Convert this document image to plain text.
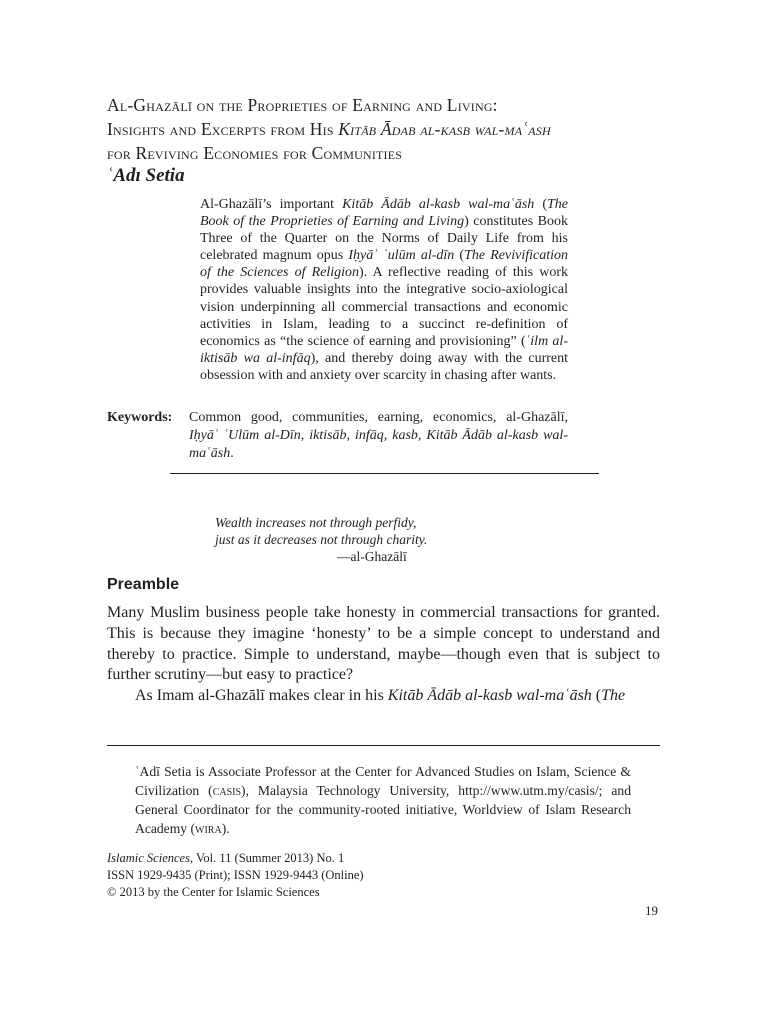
Al-Ghazālī on the Proprieties of Earning and Living:
Insights and Excerpts from His Kitāb Ādab al-kasb wal-maʿash
for Reviving Economies for Communities

ʿAdı Setia

Al-Ghazālī’s important Kitāb Ādāb al-kasb wal-maʿāsh (The Book of the Proprieties of Earning and Living) constitutes Book Three of the Quarter on the Norms of Daily Life from his celebrated magnum opus Iḥyāʾ ʿulūm al-dīn (The Revivification of the Sciences of Religion). A reflective reading of this work provides valuable insights into the integrative socio-axiological vision underpinning all commercial transactions and economic activities in Islam, leading to a succinct re-definition of economics as “the science of earning and provisioning” (ʿilm al-iktisāb wa al-infāq), and thereby doing away with the current obsession with and anxiety over scarcity in chasing after wants.

Keywords:	Common good, communities, earning, economics, al-Ghazālī, Iḥyāʾ ʿUlūm al-Dīn, iktisāb, infāq, kasb, Kitāb Ādāb al-kasb wal-maʿāsh.

Wealth increases not through perfidy,
just as it decreases not through charity.
—al-Ghazālī

Preamble

Many Muslim business people take honesty in commercial transactions for granted. This is because they imagine ‘honesty’ to be a simple concept to understand and thereby to practice. Simple to understand, maybe—though even that is subject to further scrutiny—but easy to practice?

As Imam al-Ghazālī makes clear in his Kitāb Ādāb al-kasb wal-maʿāsh (The

ʿAdī Setia is Associate Professor at the Center for Advanced Studies on Islam, Science & Civilization (casis), Malaysia Technology University, http://www.utm.my/casis/; and General Coordinator for the community-rooted initiative, Worldview of Islam Research Academy (wira).

Islamic Sciences, Vol. 11 (Summer 2013) No. 1
ISSN 1929-9435 (Print); ISSN 1929-9443 (Online)
© 2013 by the Center for Islamic Sciences

19
